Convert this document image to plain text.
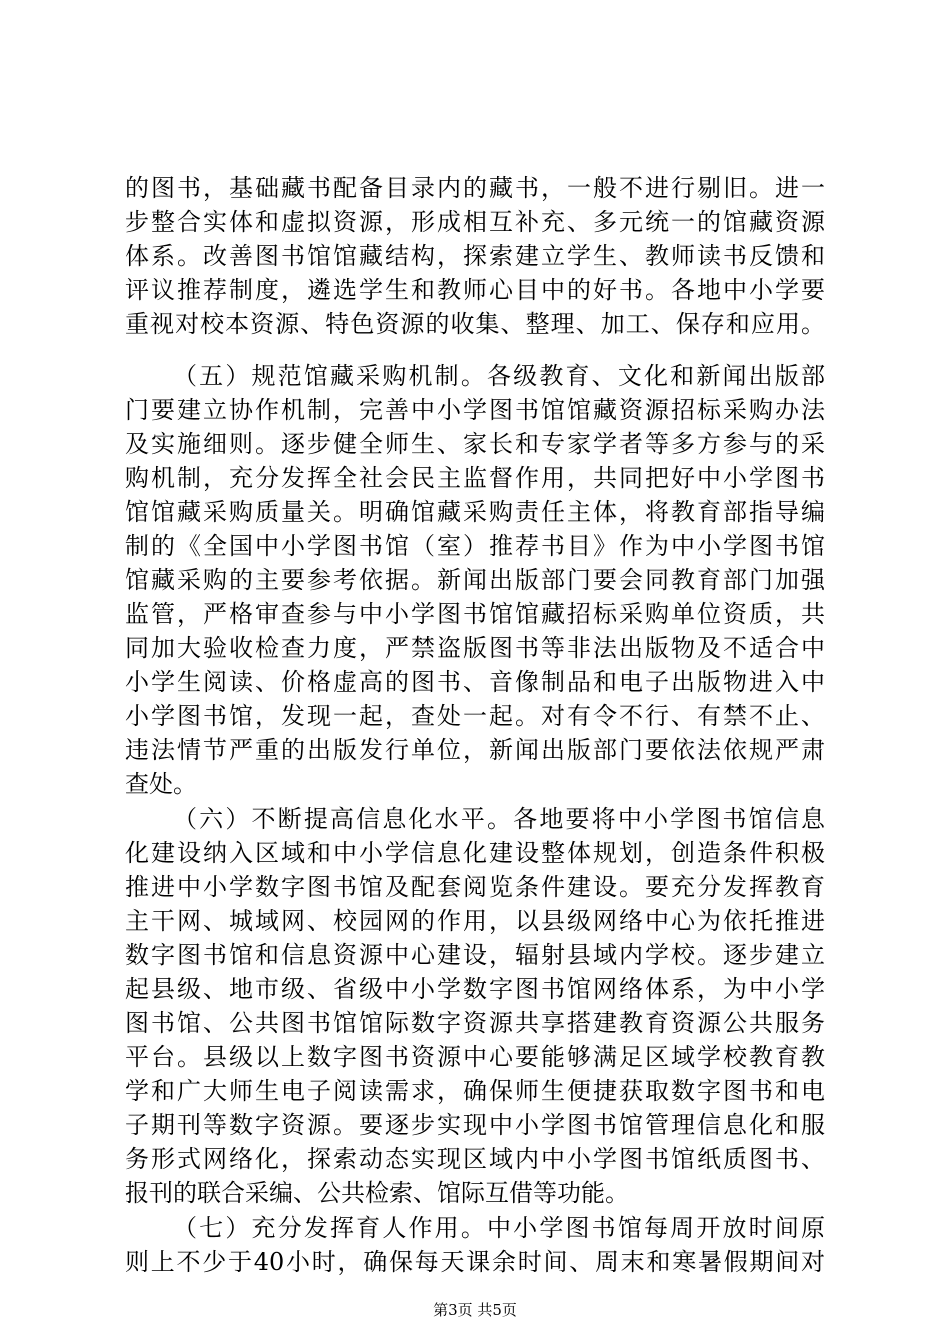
的图书，基础藏书配备目录内的藏书，一般不进行剔旧。进一
步整合实体和虚拟资源，形成相互补充、多元统一的馆藏资源
体系。改善图书馆馆藏结构，探索建立学生、教师读书反馈和
评议推荐制度，遴选学生和教师心目中的好书。各地中小学要
重视对校本资源、特色资源的收集、整理、加工、保存和应用。
（五）规范馆藏采购机制。各级教育、文化和新闻出版部
门要建立协作机制，完善中小学图书馆馆藏资源招标采购办法
及实施细则。逐步健全师生、家长和专家学者等多方参与的采
购机制，充分发挥全社会民主监督作用，共同把好中小学图书
馆馆藏采购质量关。明确馆藏采购责任主体，将教育部指导编
制的《全国中小学图书馆（室）推荐书目》作为中小学图书馆
馆藏采购的主要参考依据。新闻出版部门要会同教育部门加强
监管，严格审查参与中小学图书馆馆藏招标采购单位资质，共
同加大验收检查力度，严禁盗版图书等非法出版物及不适合中
小学生阅读、价格虚高的图书、音像制品和电子出版物进入中
小学图书馆，发现一起，查处一起。对有令不行、有禁不止、
违法情节严重的出版发行单位，新闻出版部门要依法依规严肃
查处。
（六）不断提高信息化水平。各地要将中小学图书馆信息
化建设纳入区域和中小学信息化建设整体规划，创造条件积极
推进中小学数字图书馆及配套阅览条件建设。要充分发挥教育
主干网、城域网、校园网的作用，以县级网络中心为依托推进
数字图书馆和信息资源中心建设，辐射县域内学校。逐步建立
起县级、地市级、省级中小学数字图书馆网络体系，为中小学
图书馆、公共图书馆馆际数字资源共享搭建教育资源公共服务
平台。县级以上数字图书资源中心要能够满足区域学校教育教
学和广大师生电子阅读需求，确保师生便捷获取数字图书和电
子期刊等数字资源。要逐步实现中小学图书馆管理信息化和服
务形式网络化，探索动态实现区域内中小学图书馆纸质图书、
报刊的联合采编、公共检索、馆际互借等功能。
（七）充分发挥育人作用。中小学图书馆每周开放时间原
则上不少于40小时，确保每天课余时间、周末和寒暑假期间对
第3页 共5页
